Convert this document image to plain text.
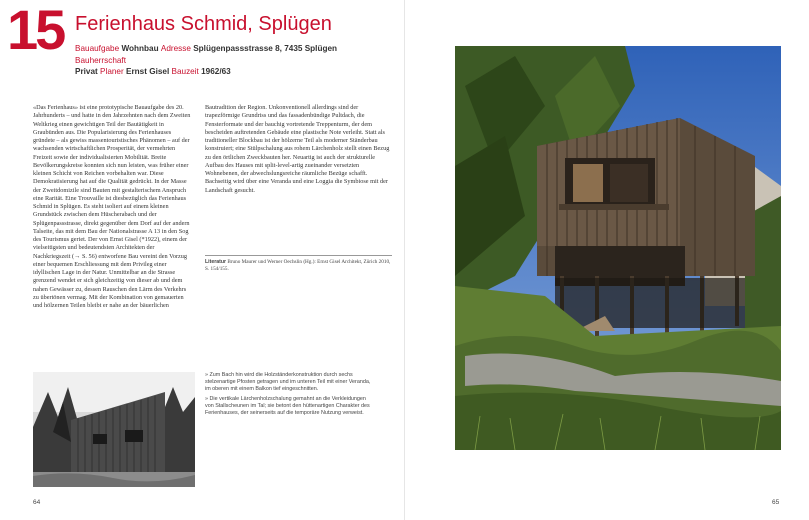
15 Ferienhaus Schmid, Splügen
Bauaufgabe Wohnbau Adresse Splügenpassstrasse 8, 7435 Splügen Bauherrschaft
Privat Planer Ernst Gisel Bauzeit 1962/63
«Das Ferienhaus» ist eine prototypische Bauaufgabe des 20. Jahrhunderts – und hatte in den Jahrzehnten nach dem Zweiten Weltkrieg einen gewichtigen Teil der Bautätigkeit in Graubünden aus. Die Popularisierung des Ferienhauses gründete – als gewiss massentouristisches Phänomen – auf der wachsenden wirtschaftlichen Prosperität, der vermehrten Freizeit sowie der individualisierten Mobilität. Breite Bevölkerungskreise konnten sich nun leisten, was früher einer kleinen Schicht von Reichen vorbehalten war. Diese Demokratisierung hat auf die Qualität gedrückt. In der Masse der Zweitdomizile sind Bauten mit gestalterischem Anspruch eine Rarität. Eine Trouvaille ist diesbezüglich das Ferienhaus Schmid in Splügen. Es steht isoliert auf einem kleinen Grundstück zwischen dem Hüscherabach und der Splügenpassstrasse, direkt gegenüber dem Dorf auf der andern Talseite, das mit dem Bau der Nationalstrasse A 13 in den Sog des Tourismus geriet. Der von Ernst Gisel (*1922), einem der vielseitigsten und bedeutendsten Architekten der Nachkriegszeit (→ S. 56) entworfene Bau vereint den Vorzug einer bequemen Erschliessung mit dem Privileg einer idyllischen Lage in der Natur. Unmittelbar an die Strasse grenzend wendet er sich gleichzeitig von dieser ab und dem nahen Gewässer zu, dessen Rauschen den Lärm des Verkehrs zu übertönen vermag. Mit der Kombination von gemauerten und hölzernen Teilen bleibt er nahe an der bäuerlichen
Bautradition der Region. Unkonventionell allerdings sind der trapezförmige Grundriss und das fassadenbündige Pultdach, die Fensterformate und der bauchig vortretende Treppenturm, der dem bescheiden auftretenden Gebäude eine plastische Note verleiht. Statt als traditioneller Blockbau ist der hölzerne Teil als moderner Ständerbau konstruiert; eine Stülpschalung aus rohem Lärchenholz stellt einen Bezug zu den örtlichen Zweckbauten her. Neuartig ist auch der strukturelle Aufbau des Hauses mit split-level-artig zueinander versetzten Wohnebenen, der abwechslungsreiche räumliche Bezüge schafft. Bachseitig wird über eine Veranda und eine Loggia die Symbiose mit der Landschaft gesucht.
Literatur Bruno Maurer und Werner Oechslin (Hg.): Ernst Gisel Architekt, Zürich 2010, S. 154/155.

» Zum Bach hin wird die Holzständerkonstruktion durch sechs stelzenartige Pfosten getragen und im unteren Teil mit einer Veranda, im oberen mit einem Balkon tief eingeschnitten.

» Die vertikale Lärchenholzschalung gemahnt an die Verkleidungen von Stallscheunen im Tal; sie betont den hüttenartigen Charakter des Ferienhauses, der seinerseits auf die temporäre Nutzung verweist.

64	65
